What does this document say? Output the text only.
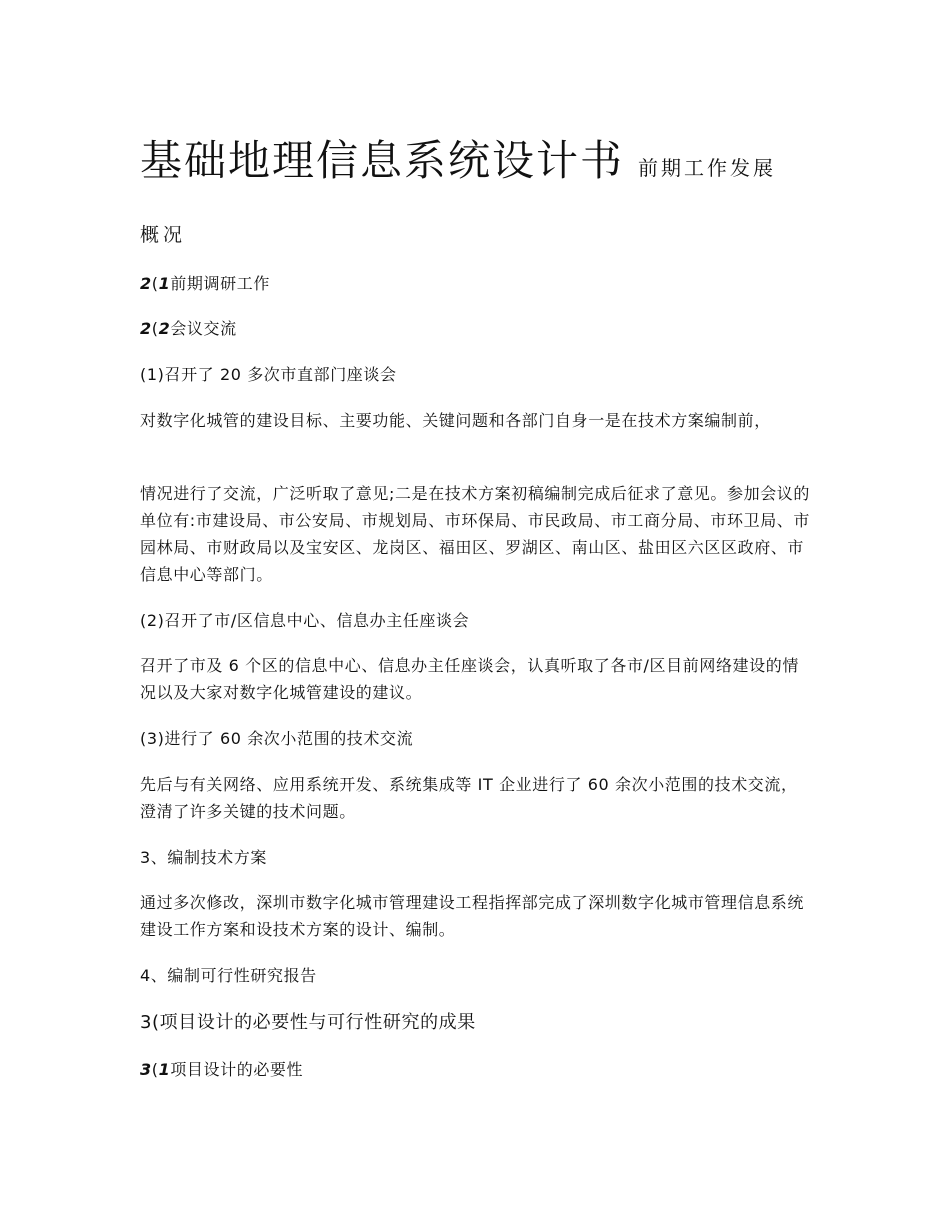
基础地理信息系统设计书 前期工作发展
概况
2(1前期调研工作
2(2会议交流
(1)召开了 20 多次市直部门座谈会
对数字化城管的建设目标、主要功能、关键问题和各部门自身一是在技术方案编制前，
情况进行了交流，广泛听取了意见;二是在技术方案初稿编制完成后征求了意见。参加会议的单位有:市建设局、市公安局、市规划局、市环保局、市民政局、市工商分局、市环卫局、市园林局、市财政局以及宝安区、龙岗区、福田区、罗湖区、南山区、盐田区六区区政府、市信息中心等部门。
(2)召开了市/区信息中心、信息办主任座谈会
召开了市及 6 个区的信息中心、信息办主任座谈会，认真听取了各市/区目前网络建设的情况以及大家对数字化城管建设的建议。
(3)进行了 60 余次小范围的技术交流
先后与有关网络、应用系统开发、系统集成等 IT 企业进行了 60 余次小范围的技术交流，澄清了许多关键的技术问题。
3、编制技术方案
通过多次修改，深圳市数字化城市管理建设工程指挥部完成了深圳数字化城市管理信息系统建设工作方案和设技术方案的设计、编制。
4、编制可行性研究报告
3(项目设计的必要性与可行性研究的成果
3(1项目设计的必要性
